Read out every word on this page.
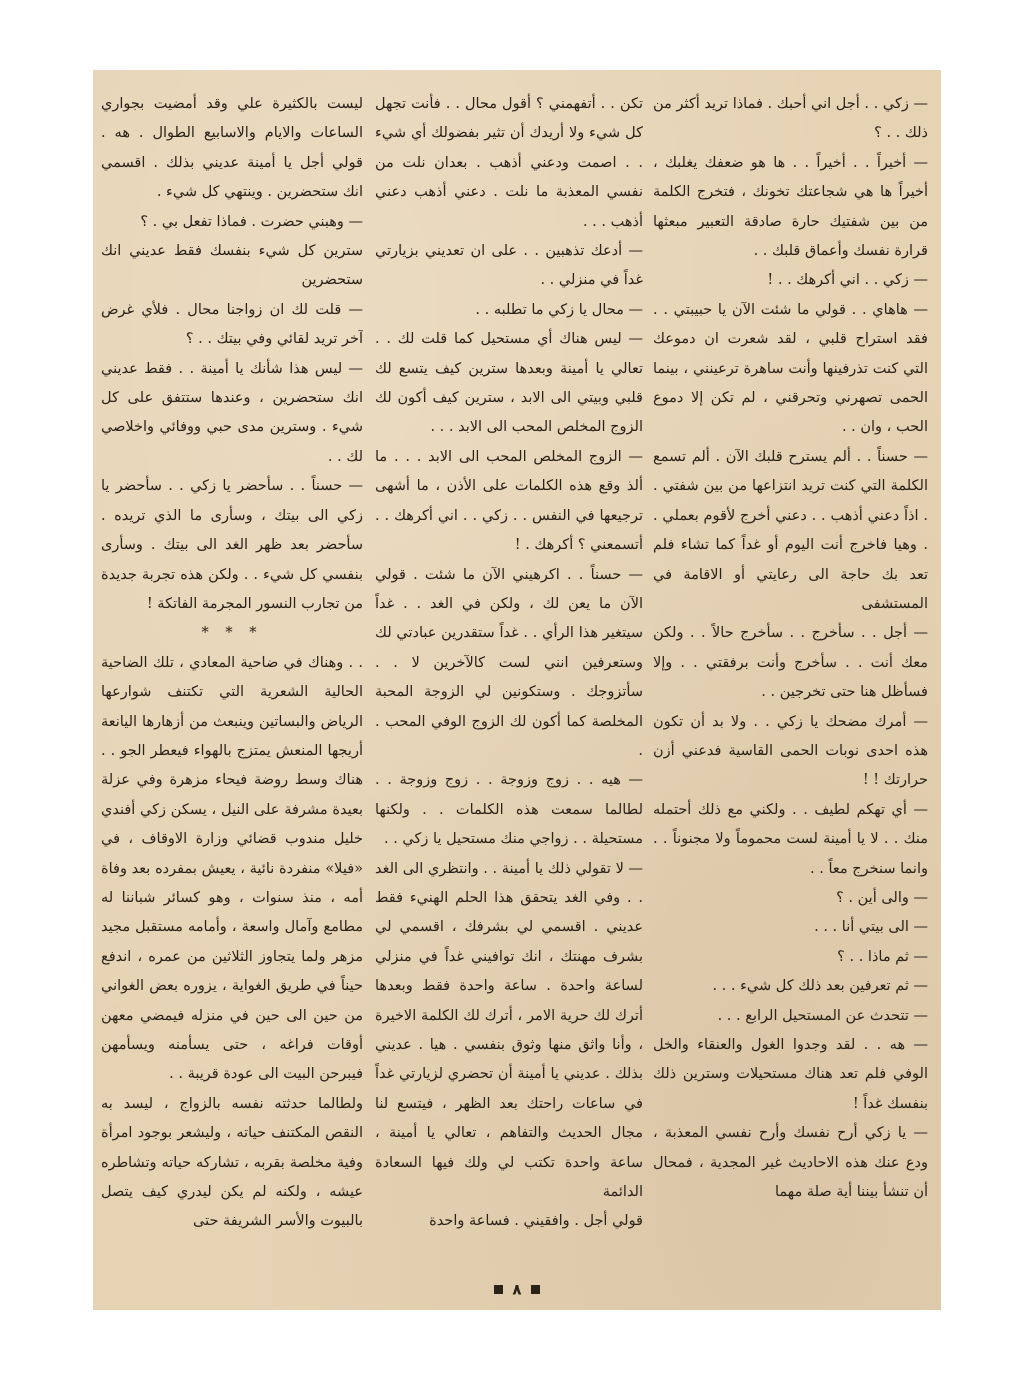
— زكي . . أجل اني أحبك . فماذا تريد أكثر من ذلك . . ؟

— أخيراً . . أخيراً . . ها هو ضعفك يغلبك ، أخيراً ها هي شجاعتك تخونك ، فتخرج الكلمة من بين شفتيك حارة صادقة التعبير مبعثها قرارة نفسك وأعماق قلبك . .

— زكي . . اني أكرهك . . !

— هاهاي . . قولي ما شئت الآن يا حبيبتي . . فقد استراح قلبي ، لقد شعرت ان دموعك التي كنت تذرفينها وأنت ساهرة ترعينني ، بينما الحمى تصهرني وتحرقني ، لم تكن إلا دموع الحب ، وان . .

— حسناً . . ألم يسترح قلبك الآن . ألم تسمع الكلمة التي كنت تريد انتزاعها من بين شفتي . . اذاً دعني أذهب . . دعني أخرج لأقوم بعملي . . وهيا فاخرج أنت اليوم أو غداً كما تشاء فلم تعد بك حاجة الى رعايتي أو الاقامة في المستشفى

— أجل . . سأخرج . . سأخرج حالاً . . ولكن معك أنت . . سأخرج وأنت برفقتي . . وإلا فسأظل هنا حتى تخرجين . .

— أمرك مضحك يا زكي . . ولا بد أن تكون هذه احدى نوبات الحمى القاسية فدعني أزن حرارتك ! !

— أي تهكم لطيف . . ولكني مع ذلك أحتمله منك . . لا يا أمينة لست محموماً ولا مجنوناً . . وانما سنخرج معاً . .

— والى أين . ؟

— الى بيتي أنا . . .

— ثم ماذا . . ؟

— ثم تعرفين بعد ذلك كل شيء . . .

— تتحدث عن المستحيل الرابع . . .

— هه . . لقد وجدوا الغول والعنقاء والخل الوفي فلم تعد هناك مستحيلات وسترين ذلك بنفسك غداً !

— يا زكي أرح نفسك وأرح نفسي المعذبة ، ودع عنك هذه الاحاديث غير المجدية ، فمحال أن تنشأ بيننا أية صلة مهما

تكن . . أتفهمني ؟ أقول محال . . فأنت تجهل كل شيء ولا أريدك أن تثير بفضولك أي شيء . . اصمت ودعني أذهب . بعدان نلت من نفسي المعذبة ما نلت . دعني أذهب دعني أذهب . . .

— أدعك تذهبين . . على ان تعديني بزيارتي غداً في منزلي . .

— محال يا زكي ما تطلبه . .

— ليس هناك أي مستحيل كما قلت لك . . تعالي يا أمينة وبعدها سترين كيف يتسع لك قلبي وبيتي الى الابد ، سترين كيف أكون لك الزوج المخلص المحب الى الابد . . .

— الزوج المخلص المحب الى الابد . . . ما ألذ وقع هذه الكلمات على الأذن ، ما أشهى ترجيعها في النفس . . زكي . . اني أكرهك . . أتسمعني ؟ أكرهك . !

— حسناً . . اكرهيني الآن ما شئت . قولي الآن ما يعن لك ، ولكن في الغد . . غداً سيتغير هذا الرأي . . غداً ستقدرين عبادتي لك وستعرفين انني لست كالآخرين لا . . سأتزوجك . وستكونين لي الزوجة المحبة المخلصة كما أكون لك الزوج الوفي المحب . .

— هيه . . زوج وزوجة . . زوج وزوجة . . لطالما سمعت هذه الكلمات . . ولكنها مستحيلة . . زواجي منك مستحيل يا زكي . .

— لا تقولي ذلك يا أمينة . . وانتظري الى الغد . . وفي الغد يتحقق هذا الحلم الهنيء فقط عديني . اقسمي لي بشرفك ، اقسمي لي بشرف مهنتك ، انك توافيني غداً في منزلي لساعة واحدة . ساعة واحدة فقط وبعدها أترك لك حرية الامر ، أترك لك الكلمة الاخيرة ، وأنا واثق منها وثوق بنفسي . هيا . عديني بذلك . عديني يا أمينة أن تحضري لزيارتي غداً في ساعات راحتك بعد الظهر ، فيتسع لنا مجال الحديث والتفاهم ، تعالي يا أمينة ، ساعة واحدة تكتب لي ولك فيها السعادة الدائمة

قولي أجل . وافقيني . فساعة واحدة

ليست بالكثيرة علي وقد أمضيت بجواري الساعات والايام والاسابيع الطوال . هه . قولي أجل يا أمينة عديني بذلك . اقسمي انك ستحضرين . وينتهي كل شيء .

— وهبني حضرت . فماذا تفعل بي . ؟

سترين كل شيء بنفسك فقط عديني انك ستحضرين

— قلت لك ان زواجنا محال . فلأي غرض آخر تريد لقائي وفي بيتك . . ؟

— ليس هذا شأنك يا أمينة . . فقط عديني انك ستحضرين ، وعندها ستتفق على كل شيء . وسترين مدى حبي ووفائي واخلاصي لك . .

— حسناً . . سأحضر يا زكي . . سأحضر يا زكي الى بيتك ، وسأرى ما الذي تريده . سأحضر بعد ظهر الغد الى بيتك . وسأرى بنفسي كل شيء . . ولكن هذه تجربة جديدة من تجارب النسور المجرمة الفاتكة !

* * *

. . وهناك في ضاحية المعادي ، تلك الضاحية الحالية الشعرية التي تكتنف شوارعها الرياض والبساتين وينبعث من أزهارها اليانعة أريجها المنعش يمتزج بالهواء فيعطر الجو . . هناك وسط روضة فيحاء مزهرة وفي عزلة بعيدة مشرفة على النيل ، يسكن زكي أفندي خليل مندوب قضائي وزارة الاوقاف ، في «فيلا» منفردة نائية ، يعيش بمفرده بعد وفاة أمه ، منذ سنوات ، وهو كسائر شباننا له مطامع وآمال واسعة ، وأمامه مستقبل مجيد مزهر ولما يتجاوز الثلاثين من عمره ، اندفع حيناً في طريق الغواية ، يزوره بعض الغواني من حين الى حين في منزله فيمضي معهن أوقات فراغه ، حتى يسأمنه ويسأمهن فيبرحن البيت الى عودة قريبة . .

ولطالما حدثته نفسه بالزواج ، ليسد به النقص المكتنف حياته ، وليشعر بوجود امرأة وفية مخلصة بقربه ، تشاركه حياته وتشاطره عيشه ، ولكنه لم يكن ليدري كيف يتصل بالبيوت والأسر الشريفة حتى

٨
